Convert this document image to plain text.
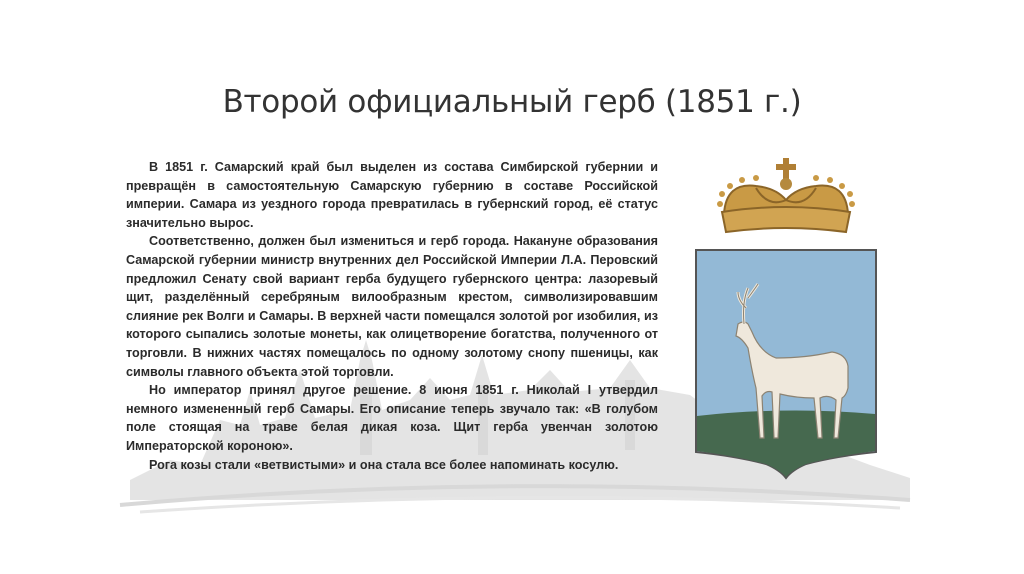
Второй официальный герб (1851 г.)

В 1851 г. Самарский край был выделен из состава Симбирской губернии и превращён в самостоятельную Самарскую губернию в составе Российской империи. Самара из уездного города превратилась в губернский город, её статус значительно вырос.

Соответственно, должен был измениться и герб города. Накануне образования Самарской губернии министр внутренних дел Российской Империи Л.А. Перовский предложил Сенату свой вариант герба будущего губернского центра: лазоревый щит, разделённый серебряным вилообразным крестом, символизировавшим слияние рек Волги и Самары. В верхней части помещался золотой рог изобилия, из которого сыпались золотые монеты, как олицетворение богатства, полученного от торговли. В нижних частях помещалось по одному золотому снопу пшеницы, как символы главного объекта этой торговли.

Но император принял другое решение. 8 июня 1851 г. Николай I утвердил немного измененный герб Самары. Его описание теперь звучало так: «В голубом поле стоящая на траве белая дикая коза. Щит герба увенчан золотою Императорской короною».

Рога козы стали «ветвистыми» и она стала все более напоминать косулю.
